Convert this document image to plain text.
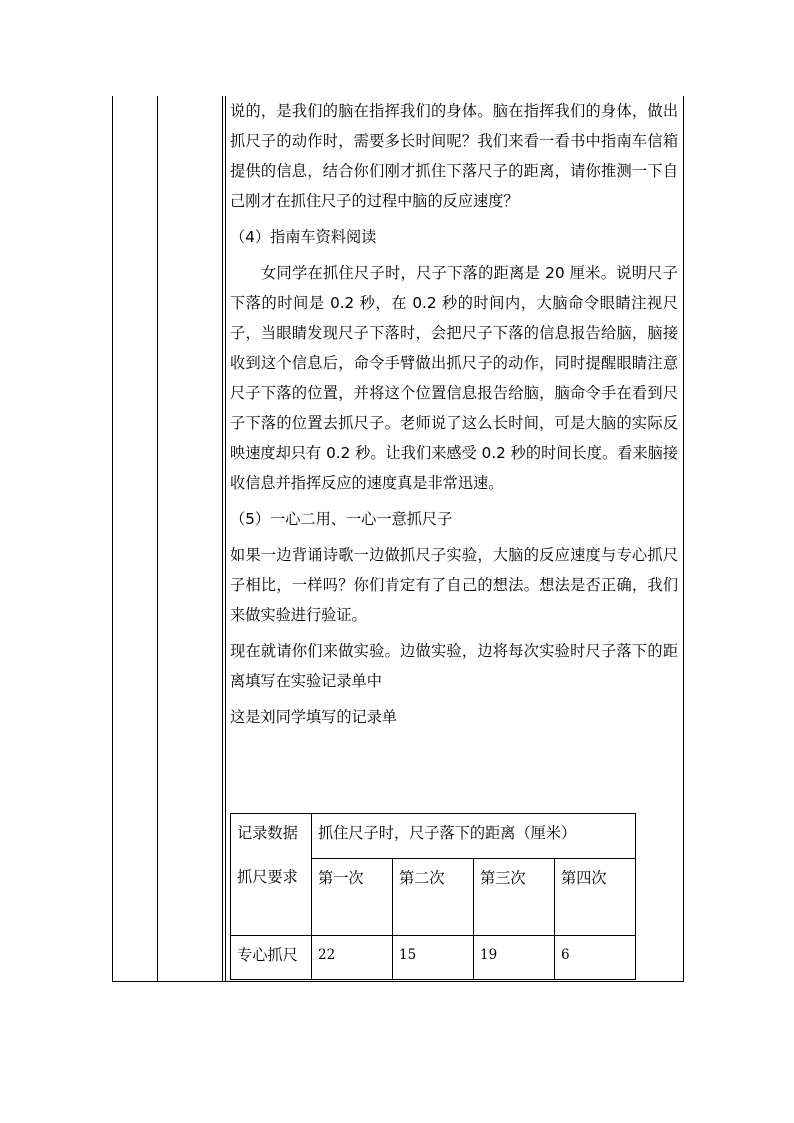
说的，是我们的脑在指挥我们的身体。脑在指挥我们的身体，做出抓尺子的动作时，需要多长时间呢？我们来看一看书中指南车信箱提供的信息，结合你们刚才抓住下落尺子的距离，请你推测一下自己刚才在抓住尺子的过程中脑的反应速度？

（4）指南车资料阅读

女同学在抓住尺子时，尺子下落的距离是 20 厘米。说明尺子下落的时间是 0.2 秒，在 0.2 秒的时间内，大脑命令眼睛注视尺子，当眼睛发现尺子下落时，会把尺子下落的信息报告给脑，脑接收到这个信息后，命令手臂做出抓尺子的动作，同时提醒眼睛注意尺子下落的位置，并将这个位置信息报告给脑，脑命令手在看到尺子下落的位置去抓尺子。老师说了这么长时间，可是大脑的实际反映速度却只有 0.2 秒。让我们来感受 0.2 秒的时间长度。看来脑接收信息并指挥反应的速度真是非常迅速。

（5）一心二用、一心一意抓尺子

如果一边背诵诗歌一边做抓尺子实验，大脑的反应速度与专心抓尺子相比，一样吗？你们肯定有了自己的想法。想法是否正确，我们来做实验进行验证。

现在就请你们来做实验。边做实验，边将每次实验时尺子落下的距离填写在实验记录单中

这是刘同学填写的记录单

记录数据
抓尺要求	抓住尺子时，尺子落下的距离（厘米）			
	第一次	第二次	第三次	第四次
专心抓尺	22	15	19	6
